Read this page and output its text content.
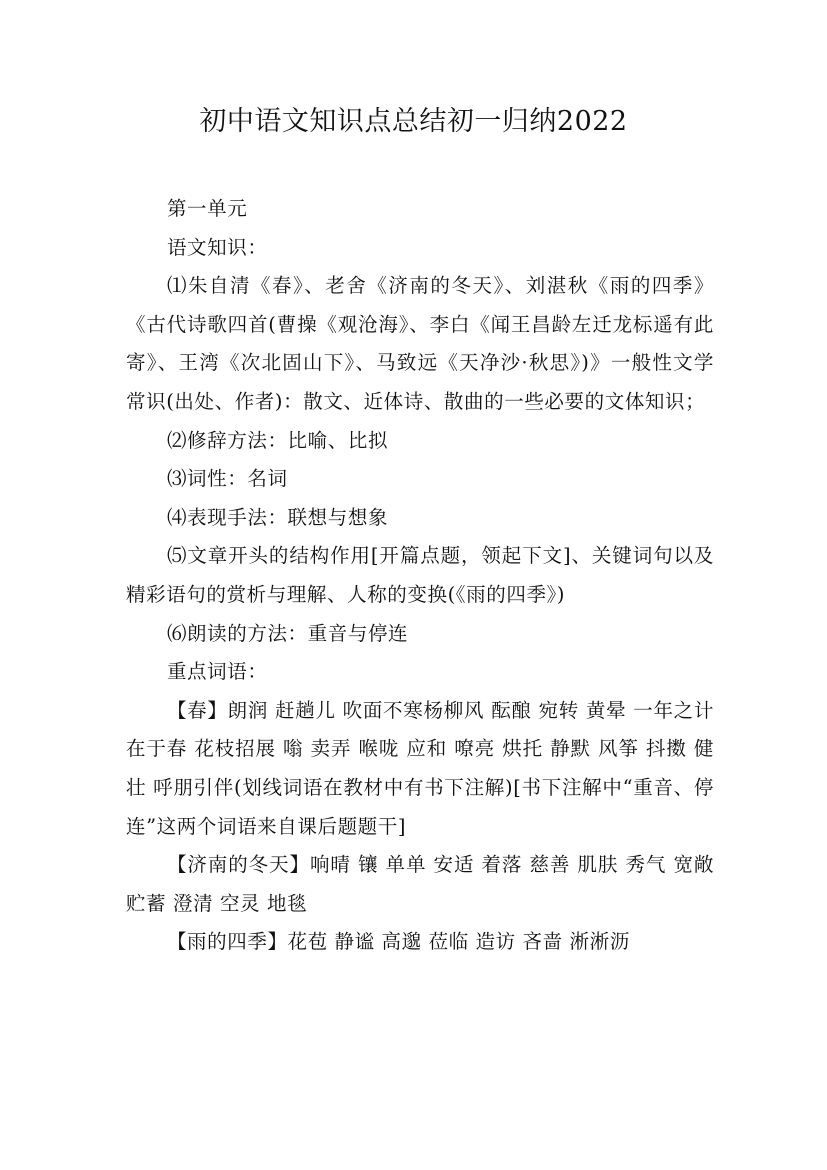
初中语文知识点总结初一归纳2022

第一单元

语文知识：

⑴朱自清《春》、老舍《济南的冬天》、刘湛秋《雨的四季》《古代诗歌四首(曹操《观沧海》、李白《闻王昌龄左迁龙标遥有此寄》、王湾《次北固山下》、马致远《天净沙·秋思》)》一般性文学常识(出处、作者)：散文、近体诗、散曲的一些必要的文体知识；

⑵修辞方法：比喻、比拟

⑶词性：名词

⑷表现手法：联想与想象

⑸文章开头的结构作用[开篇点题，领起下文]、关键词句以及精彩语句的赏析与理解、人称的变换(《雨的四季》)

⑹朗读的方法：重音与停连

重点词语：

【春】朗润 赶趟儿 吹面不寒杨柳风 酝酿 宛转 黄晕 一年之计在于春 花枝招展 嗡 卖弄 喉咙 应和 嘹亮 烘托 静默 风筝 抖擞 健壮 呼朋引伴(划线词语在教材中有书下注解)[书下注解中“重音、停连”这两个词语来自课后题题干]

【济南的冬天】响晴 镶 单单 安适 着落 慈善 肌肤 秀气 宽敞 贮蓄 澄清 空灵 地毯

【雨的四季】花苞 静谧 高邈 莅临 造访 吝啬 淅淅沥
